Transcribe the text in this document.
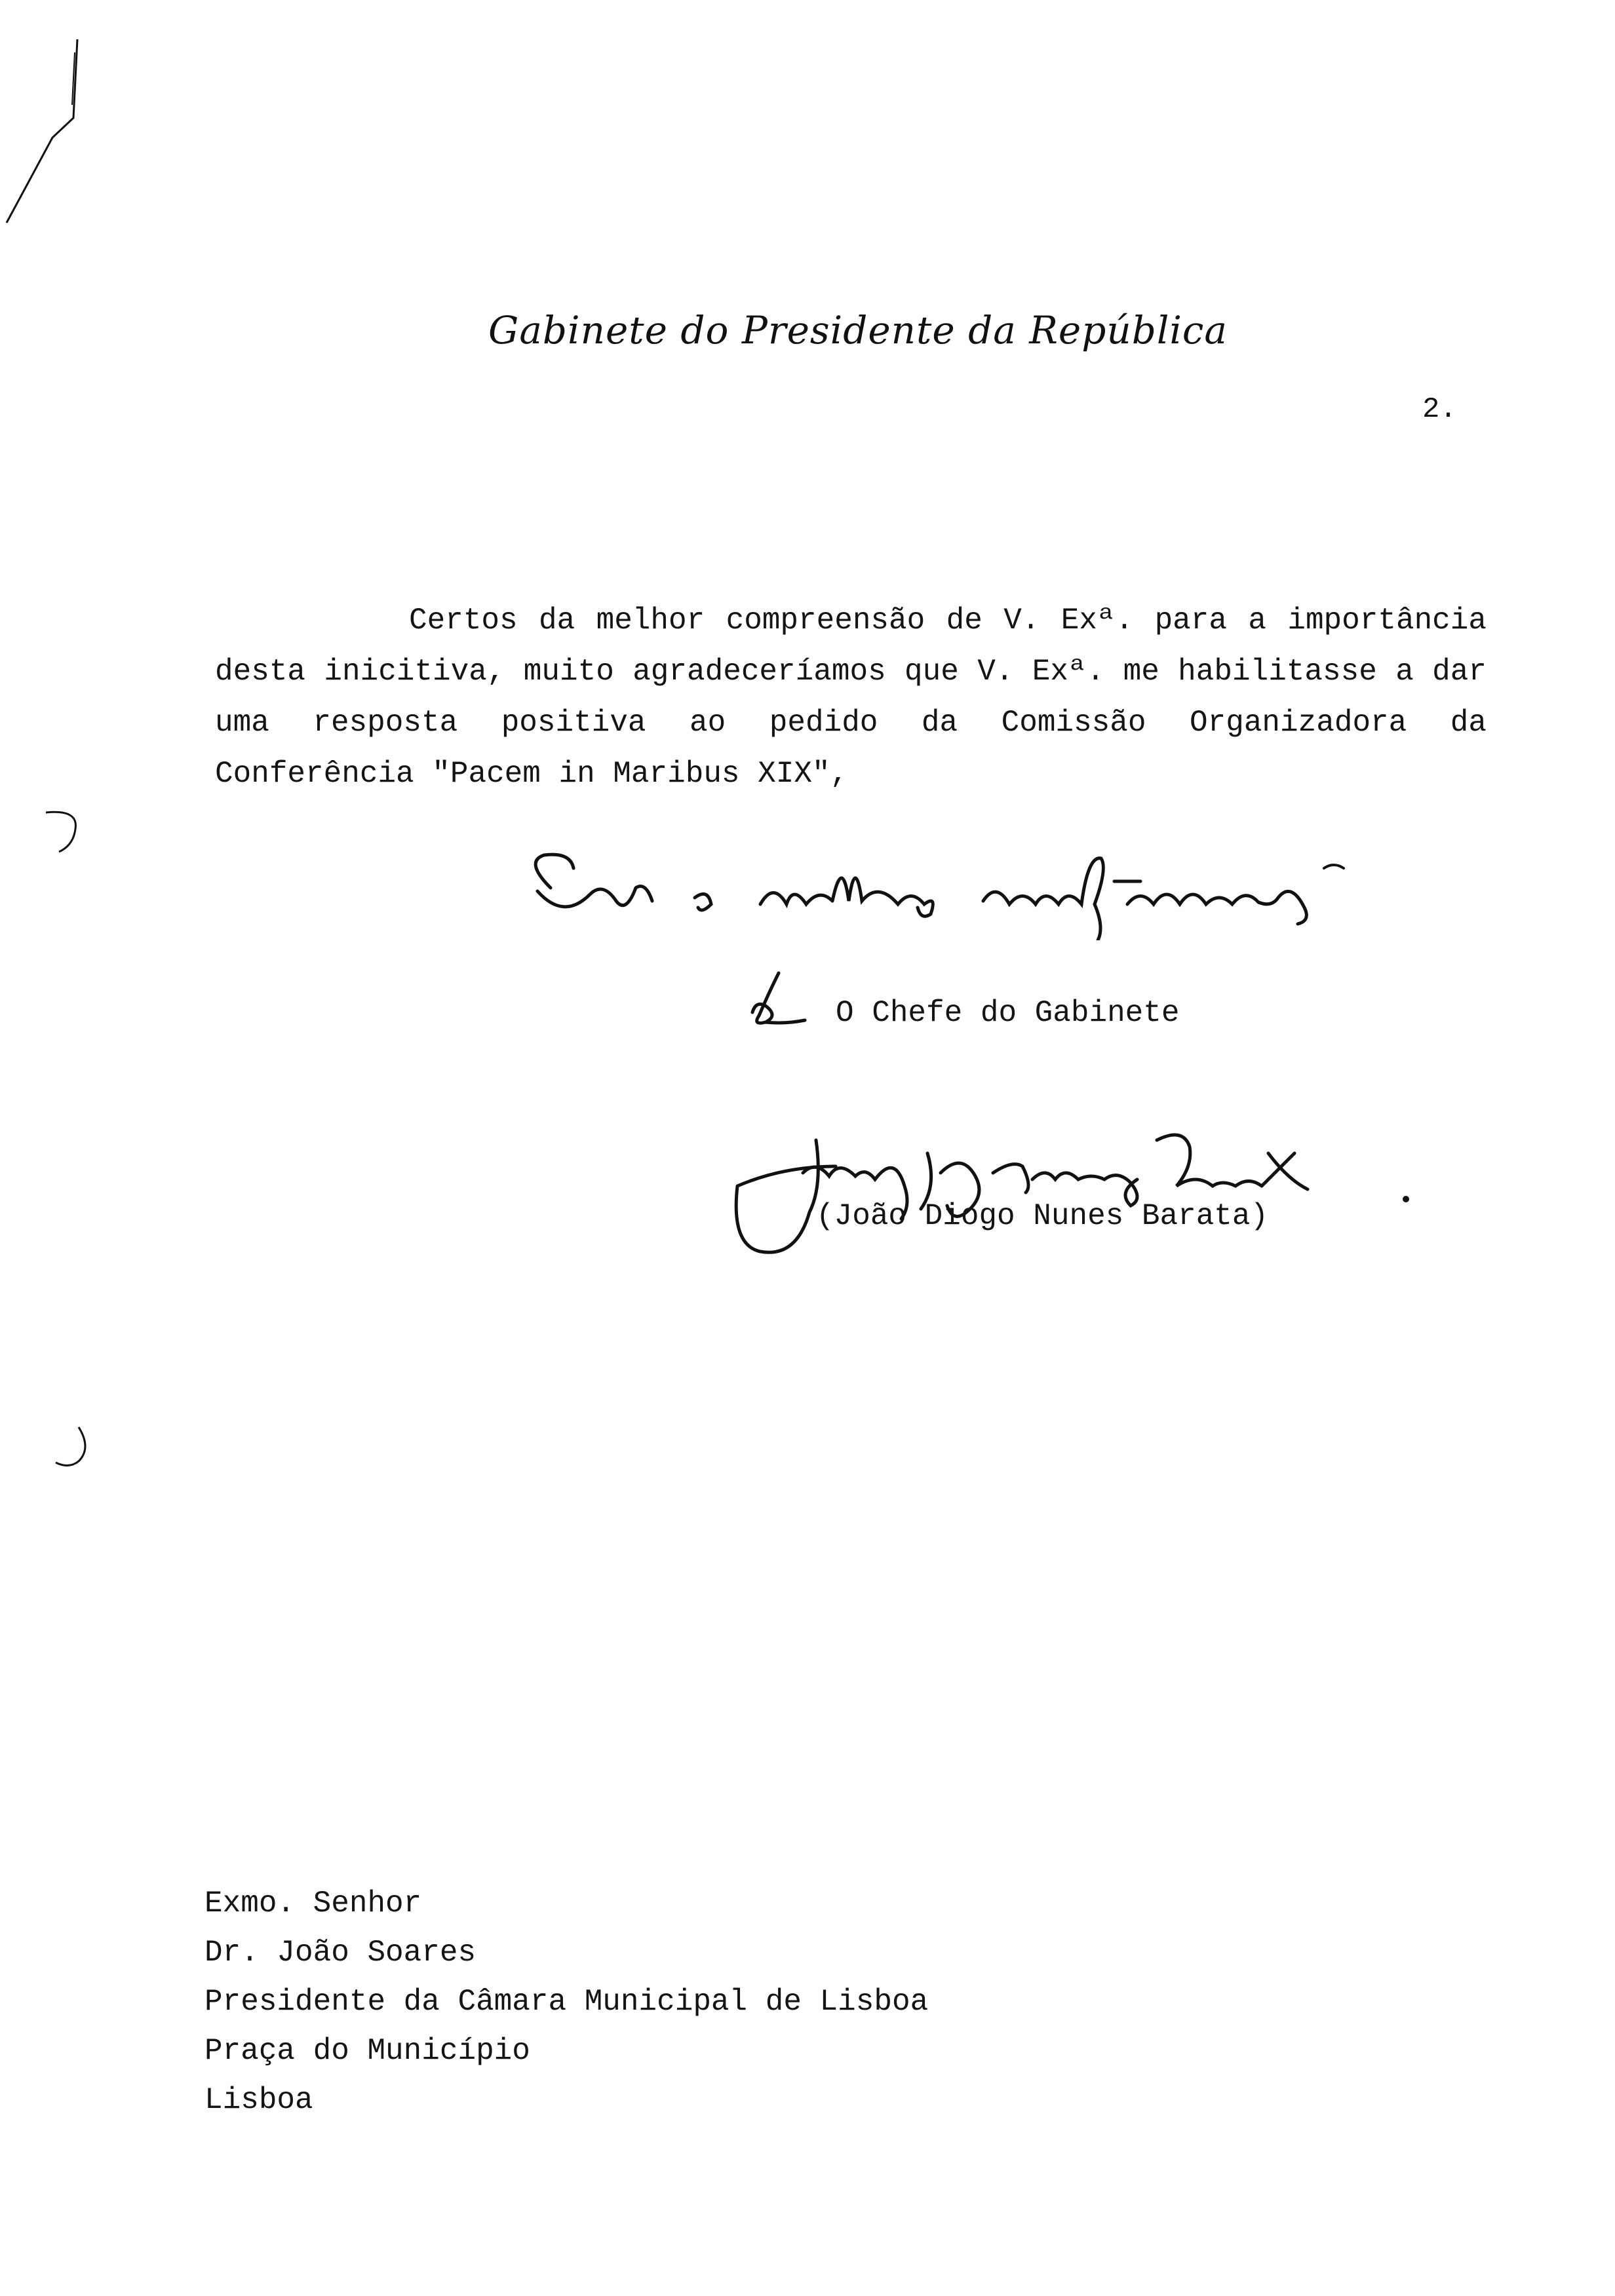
Gabinete do Presidente da República
2.

Certos da melhor compreensão de V. Exª. para a importância desta inicitiva, muito agradeceríamos que V. Exª. me habilitasse a dar uma resposta positiva ao pedido da Comissão Organizadora da Conferência "Pacem in Maribus XIX",

O Chefe do Gabinete
(João Diogo Nunes Barata)
Exmo. Senhor
Dr. João Soares
Presidente da Câmara Municipal de Lisboa
Praça do Município
Lisboa
